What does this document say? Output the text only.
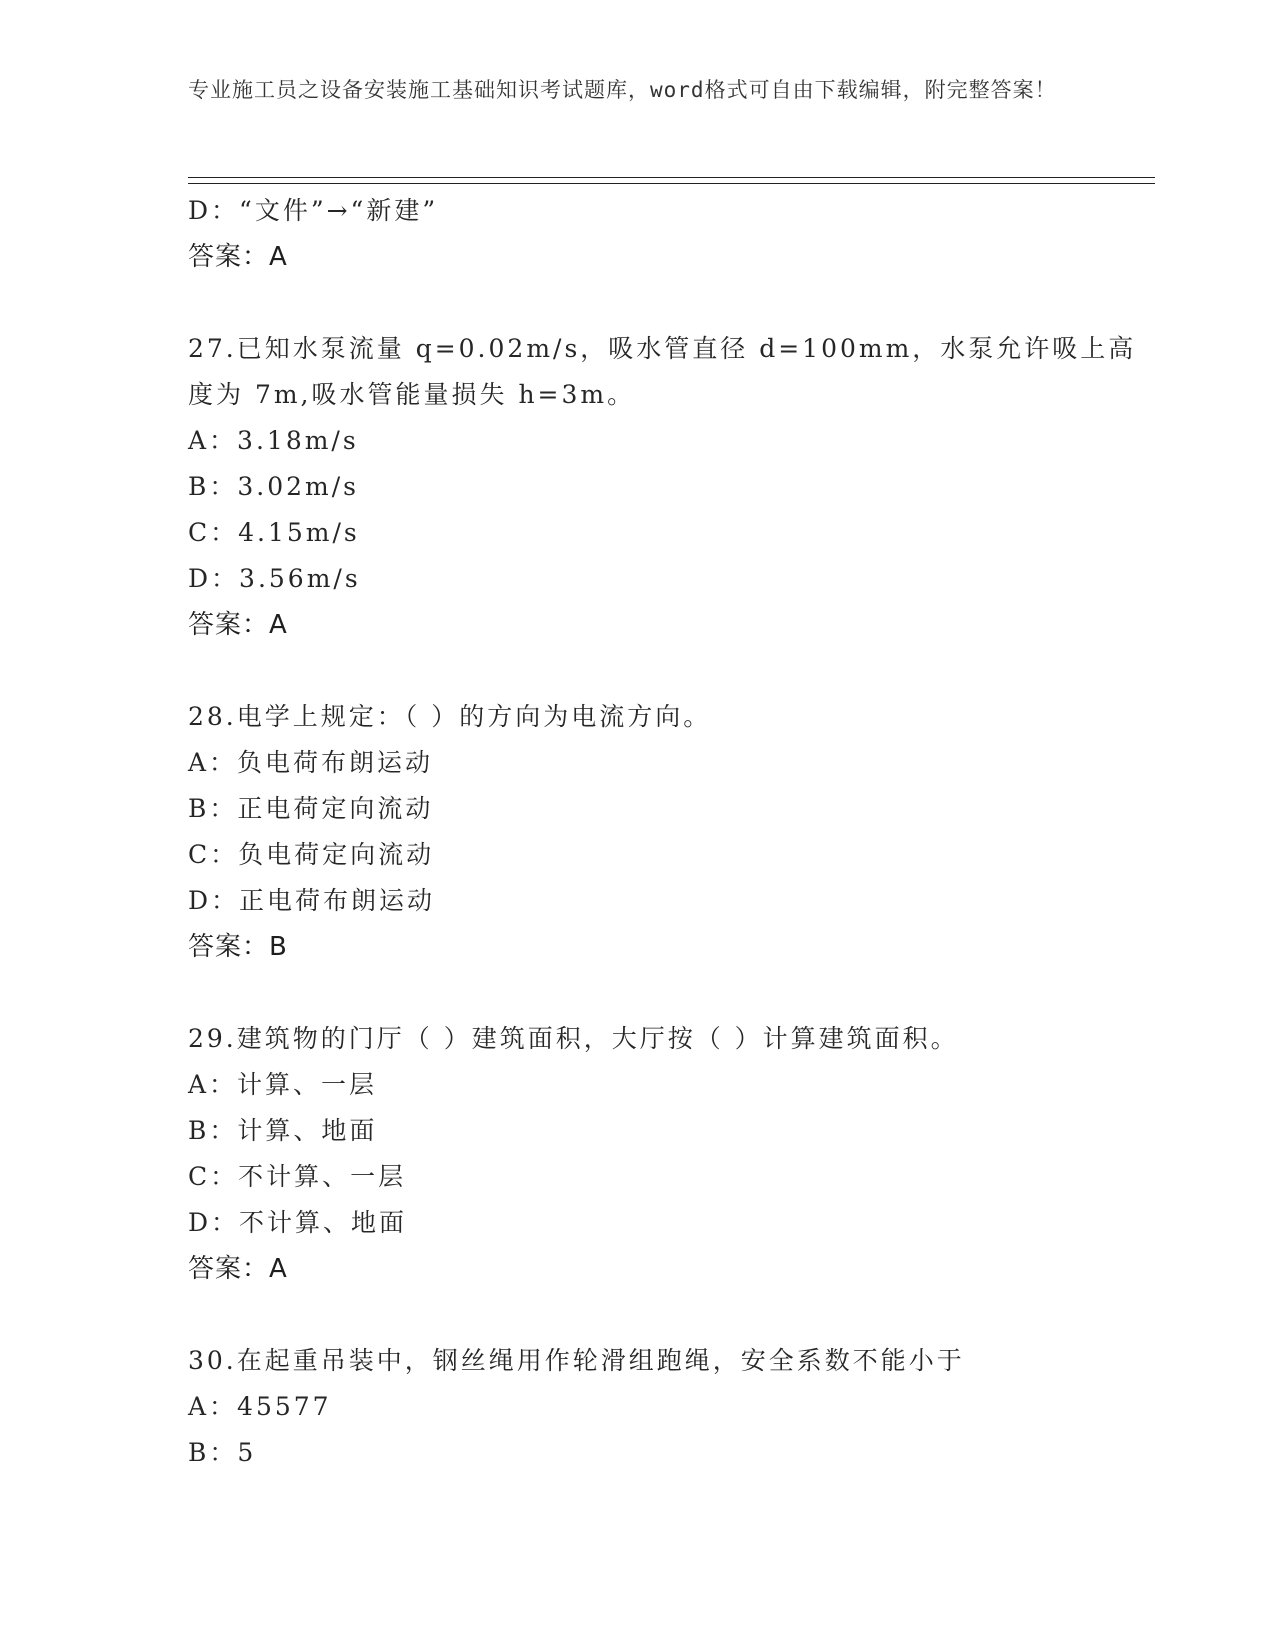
专业施工员之设备安装施工基础知识考试题库，word格式可自由下载编辑，附完整答案！
D：“文件”→“新建”
答案：A
27.已知水泵流量 q=0.02m/s，吸水管直径 d=100mm，水泵允许吸上高
度为 7m,吸水管能量损失 h=3m。
A：3.18m/s
B：3.02m/s
C：4.15m/s
D：3.56m/s
答案：A
28.电学上规定：（ ）的方向为电流方向。
A：负电荷布朗运动
B：正电荷定向流动
C：负电荷定向流动
D：正电荷布朗运动
答案：B
29.建筑物的门厅（ ）建筑面积，大厅按（ ）计算建筑面积。
A：计算、一层
B：计算、地面
C：不计算、一层
D：不计算、地面
答案：A
30.在起重吊装中，钢丝绳用作轮滑组跑绳，安全系数不能小于
A：45577
B：5
